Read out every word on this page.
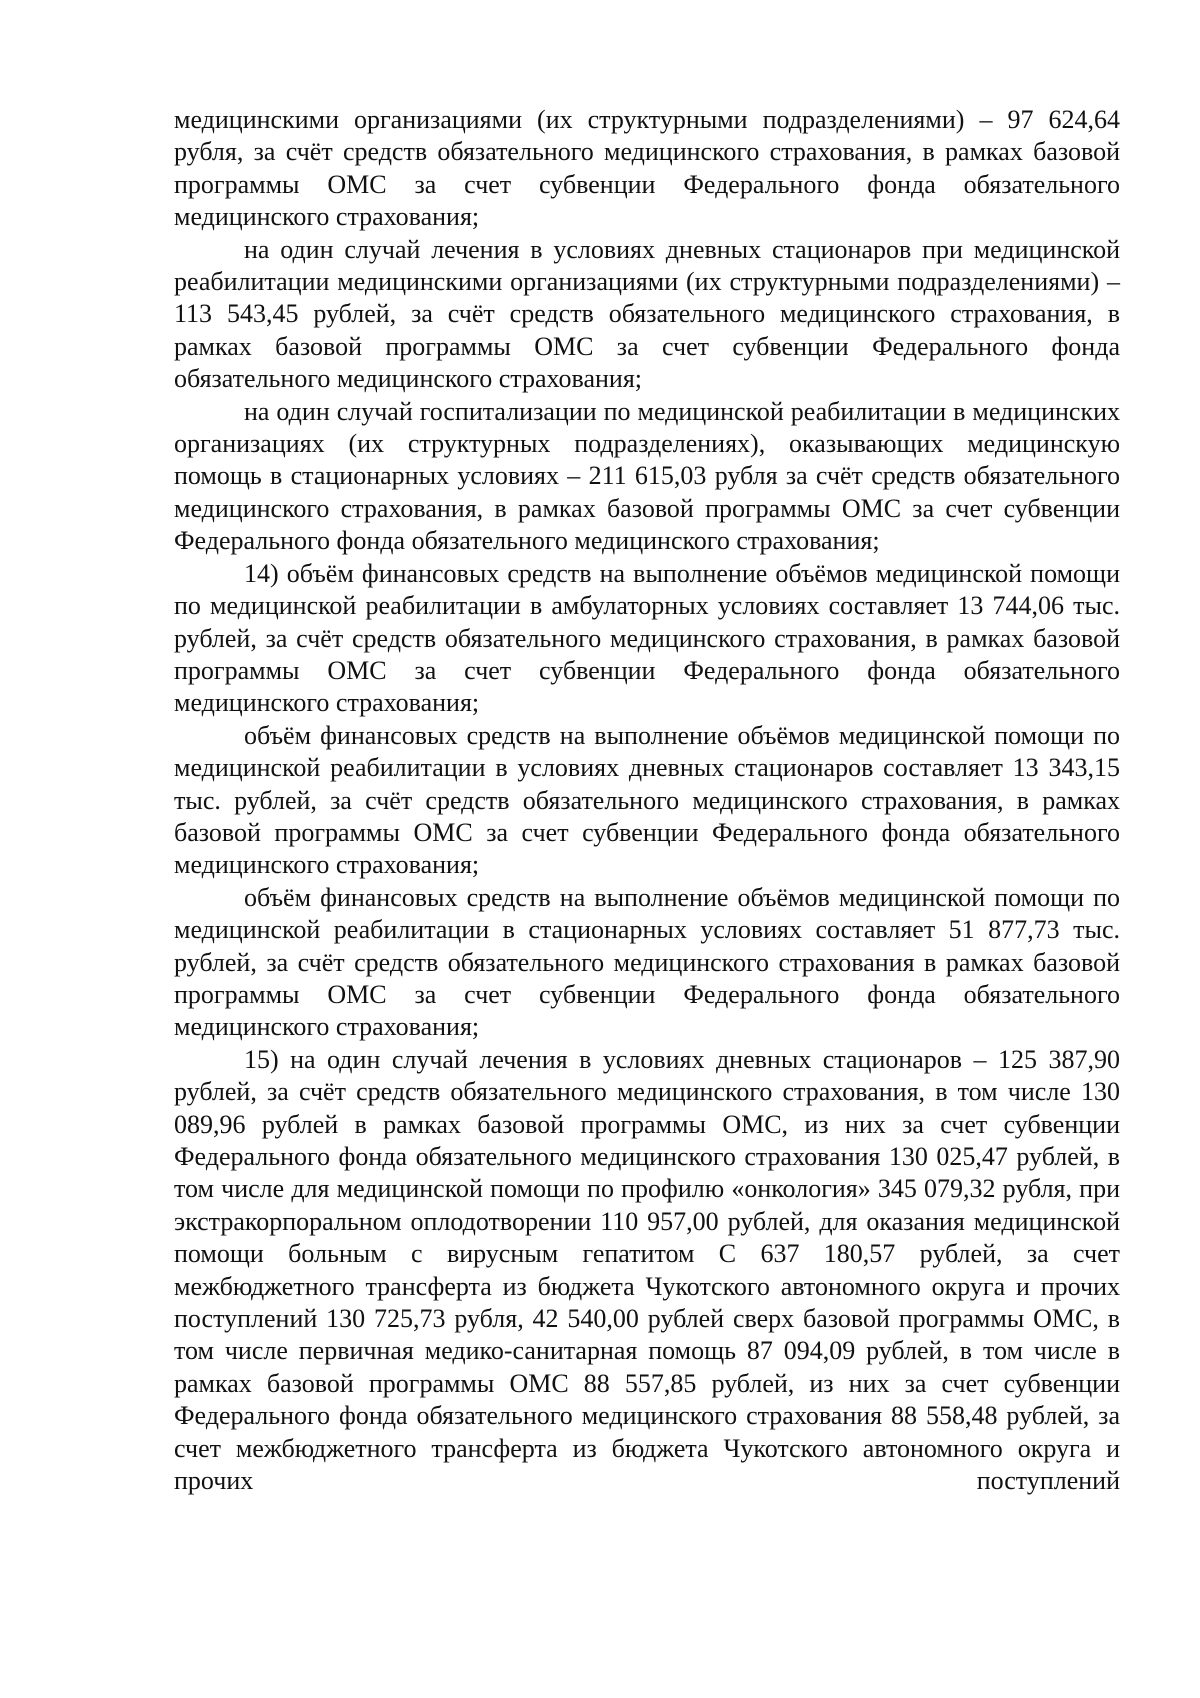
медицинскими организациями (их структурными подразделениями) – 97 624,64 рубля, за счёт средств обязательного медицинского страхования, в рамках базовой программы ОМС за счет субвенции Федерального фонда обязательного медицинского страхования;

на один случай лечения в условиях дневных стационаров при медицинской реабилитации медицинскими организациями (их структурными подразделениями) – 113 543,45 рублей, за счёт средств обязательного медицинского страхования, в рамках базовой программы ОМС за счет субвенции Федерального фонда обязательного медицинского страхования;

на один случай госпитализации по медицинской реабилитации в медицинских организациях (их структурных подразделениях), оказывающих медицинскую помощь в стационарных условиях – 211 615,03 рубля за счёт средств обязательного медицинского страхования, в рамках базовой программы ОМС за счет субвенции Федерального фонда обязательного медицинского страхования;

14) объём финансовых средств на выполнение объёмов медицинской помощи по медицинской реабилитации в амбулаторных условиях составляет 13 744,06 тыс. рублей, за счёт средств обязательного медицинского страхования, в рамках базовой программы ОМС за счет субвенции Федерального фонда обязательного медицинского страхования;

объём финансовых средств на выполнение объёмов медицинской помощи по медицинской реабилитации в условиях дневных стационаров составляет 13 343,15 тыс. рублей, за счёт средств обязательного медицинского страхования, в рамках базовой программы ОМС за счет субвенции Федерального фонда обязательного медицинского страхования;

объём финансовых средств на выполнение объёмов медицинской помощи по медицинской реабилитации в стационарных условиях составляет 51 877,73 тыс. рублей, за счёт средств обязательного медицинского страхования в рамках базовой программы ОМС за счет субвенции Федерального фонда обязательного медицинского страхования;

15) на один случай лечения в условиях дневных стационаров – 125 387,90 рублей, за счёт средств обязательного медицинского страхования, в том числе 130 089,96 рублей в рамках базовой программы ОМС, из них за счет субвенции Федерального фонда обязательного медицинского страхования 130 025,47 рублей, в том числе для медицинской помощи по профилю «онкология» 345 079,32 рубля, при экстракорпоральном оплодотворении 110 957,00 рублей, для оказания медицинской помощи больным с вирусным гепатитом С 637 180,57 рублей, за счет межбюджетного трансферта из бюджета Чукотского автономного округа и прочих поступлений 130 725,73 рубля, 42 540,00 рублей сверх базовой программы ОМС, в том числе первичная медико-санитарная помощь 87 094,09 рублей, в том числе в рамках базовой программы ОМС 88 557,85 рублей, из них за счет субвенции Федерального фонда обязательного медицинского страхования 88 558,48 рублей, за счет межбюджетного трансферта из бюджета Чукотского автономного округа и прочих поступлений
